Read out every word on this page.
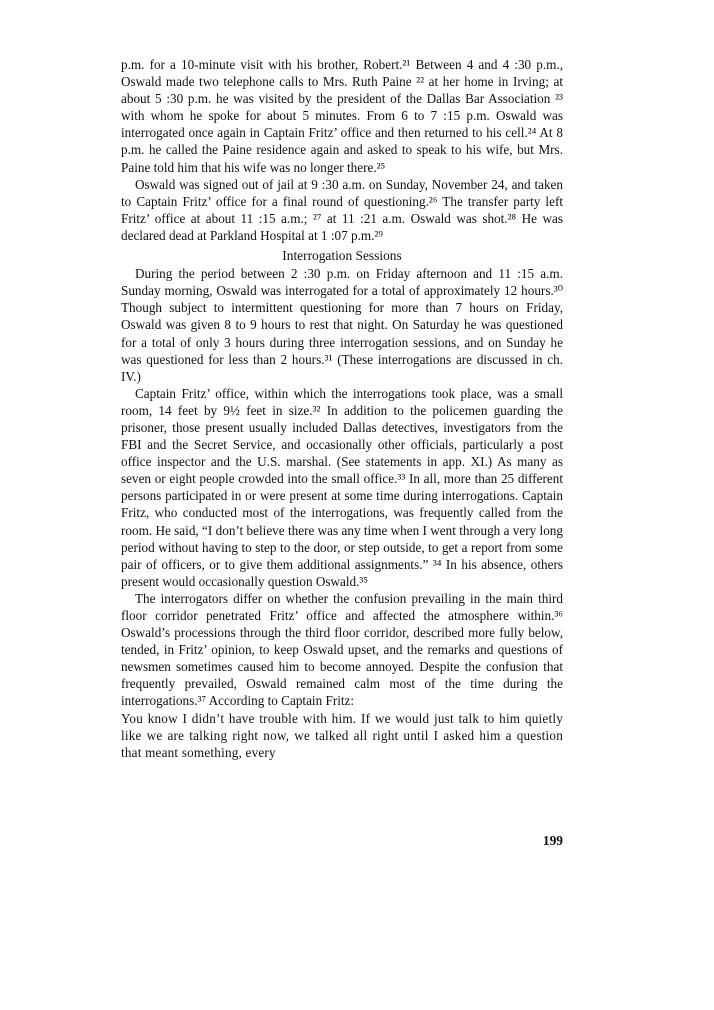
p.m. for a 10-minute visit with his brother, Robert.²¹ Between 4 and 4 :30 p.m., Oswald made two telephone calls to Mrs. Ruth Paine ²² at her home in Irving; at about 5 :30 p.m. he was visited by the president of the Dallas Bar Association ²³ with whom he spoke for about 5 minutes. From 6 to 7 :15 p.m. Oswald was interrogated once again in Captain Fritz’ office and then returned to his cell.²⁴ At 8 p.m. he called the Paine residence again and asked to speak to his wife, but Mrs. Paine told him that his wife was no longer there.²⁵

Oswald was signed out of jail at 9 :30 a.m. on Sunday, November 24, and taken to Captain Fritz’ office for a final round of questioning.²⁶ The transfer party left Fritz’ office at about 11 :15 a.m.; ²⁷ at 11 :21 a.m. Oswald was shot.²⁸ He was declared dead at Parkland Hospital at 1 :07 p.m.²⁹

Interrogation Sessions

During the period between 2 :30 p.m. on Friday afternoon and 11 :15 a.m. Sunday morning, Oswald was interrogated for a total of approximately 12 hours.³⁰ Though subject to intermittent questioning for more than 7 hours on Friday, Oswald was given 8 to 9 hours to rest that night. On Saturday he was questioned for a total of only 3 hours during three interrogation sessions, and on Sunday he was questioned for less than 2 hours.³¹ (These interrogations are discussed in ch. IV.)

Captain Fritz’ office, within which the interrogations took place, was a small room, 14 feet by 9½ feet in size.³² In addition to the policemen guarding the prisoner, those present usually included Dallas detectives, investigators from the FBI and the Secret Service, and occasionally other officials, particularly a post office inspector and the U.S. marshal. (See statements in app. XI.) As many as seven or eight people crowded into the small office.³³ In all, more than 25 different persons participated in or were present at some time during interrogations. Captain Fritz, who conducted most of the interrogations, was frequently called from the room. He said, “I don’t believe there was any time when I went through a very long period without having to step to the door, or step outside, to get a report from some pair of officers, or to give them additional assignments.” ³⁴ In his absence, others present would occasionally question Oswald.³⁵

The interrogators differ on whether the confusion prevailing in the main third floor corridor penetrated Fritz’ office and affected the atmosphere within.³⁶ Oswald’s processions through the third floor corridor, described more fully below, tended, in Fritz’ opinion, to keep Oswald upset, and the remarks and questions of newsmen sometimes caused him to become annoyed. Despite the confusion that frequently prevailed, Oswald remained calm most of the time during the interrogations.³⁷ According to Captain Fritz:

You know I didn’t have trouble with him. If we would just talk to him quietly like we are talking right now, we talked all right until I asked him a question that meant something, every

199
